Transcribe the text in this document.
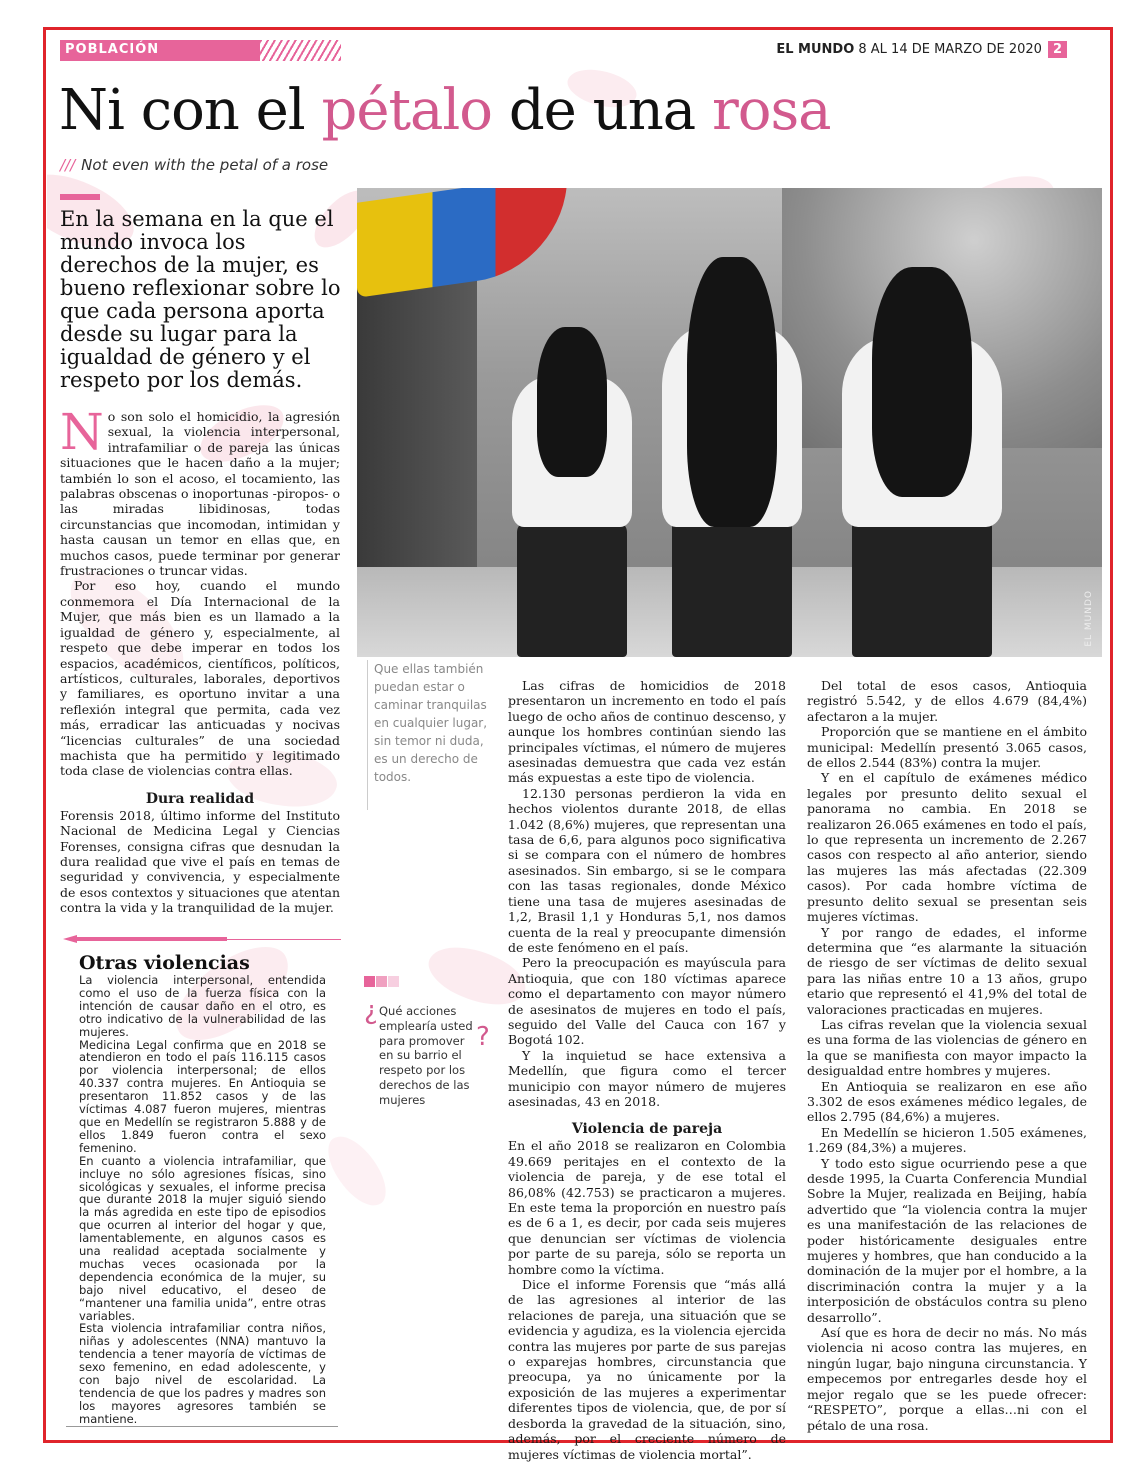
POBLACIÓN	EL MUNDO 8 AL 14 DE MARZO DE 2020 2
Ni con el pétalo de una rosa
/// Not even with the petal of a rose
En la semana en la que el mundo invoca los derechos de la mujer, es bueno reflexionar sobre lo que cada persona aporta desde su lugar para la igualdad de género y el respeto por los demás.
EL MUNDO
Que ellas también puedan estar o caminar tranquilas en cualquier lugar, sin temor ni duda, es un derecho de todos.

No son solo el homicidio, la agresión sexual, la violencia interpersonal, intrafamiliar o de pareja las únicas situaciones que le hacen daño a la mujer; también lo son el acoso, el tocamiento, las palabras obscenas o inoportunas -piropos- o las miradas libidinosas, todas circunstancias que incomodan, intimidan y hasta causan un temor en ellas que, en muchos casos, puede terminar por generar frustraciones o truncar vidas.

Por eso hoy, cuando el mundo conmemora el Día Internacional de la Mujer, que más bien es un llamado a la igualdad de género y, especialmente, al respeto que debe imperar en todos los espacios, académicos, científicos, políticos, artísticos, culturales, laborales, deportivos y familiares, es oportuno invitar a una reflexión integral que permita, cada vez más, erradicar las anticuadas y nocivas “licencias culturales” de una sociedad machista que ha permitido y legitimado toda clase de violencias contra ellas.

Dura realidad

Forensis 2018, último informe del Instituto Nacional de Medicina Legal y Ciencias Forenses, consigna cifras que desnudan la dura realidad que vive el país en temas de seguridad y convivencia, y especialmente de esos contextos y situaciones que atentan contra la vida y la tranquilidad de la mujer.

Otras violencias

La violencia interpersonal, entendida como el uso de la fuerza física con la intención de causar daño en el otro, es otro indicativo de la vulnerabilidad de las mujeres.

Medicina Legal confirma que en 2018 se atendieron en todo el país 116.115 casos por violencia interpersonal; de ellos 40.337 contra mujeres. En Antioquia se presentaron 11.852 casos y de las víctimas 4.087 fueron mujeres, mientras que en Medellín se registraron 5.888 y de ellos 1.849 fueron contra el sexo femenino.

En cuanto a violencia intrafamiliar, que incluye no sólo agresiones físicas, sino sicológicas y sexuales, el informe precisa que durante 2018 la mujer siguió siendo la más agredida en este tipo de episodios que ocurren al interior del hogar y que, lamentablemente, en algunos casos es una realidad aceptada socialmente y muchas veces ocasionada por la dependencia económica de la mujer, su bajo nivel educativo, el deseo de “mantener una familia unida”, entre otras variables.

Esta violencia intrafamiliar contra niños, niñas y adolescentes (NNA) mantuvo la tendencia a tener mayoría de víctimas de sexo femenino, en edad adolescente, y con bajo nivel de escolaridad. La tendencia de que los padres y madres son los mayores agresores también se mantiene.

¿ Qué acciones emplearía usted para promover en su barrio el respeto por los derechos de las mujeres
?

Las cifras de homicidios de 2018 presentaron un incremento en todo el país luego de ocho años de continuo descenso, y aunque los hombres continúan siendo las principales víctimas, el número de mujeres asesinadas demuestra que cada vez están más expuestas a este tipo de violencia.

12.130 personas perdieron la vida en hechos violentos durante 2018, de ellas 1.042 (8,6%) mujeres, que representan una tasa de 6,6, para algunos poco significativa si se compara con el número de hombres asesinados. Sin embargo, si se le compara con las tasas regionales, donde México tiene una tasa de mujeres asesinadas de 1,2, Brasil 1,1 y Honduras 5,1, nos damos cuenta de la real y preocupante dimensión de este fenómeno en el país.

Pero la preocupación es mayúscula para Antioquia, que con 180 víctimas aparece como el departamento con mayor número de asesinatos de mujeres en todo el país, seguido del Valle del Cauca con 167 y Bogotá 102.

Y la inquietud se hace extensiva a Medellín, que figura como el tercer municipio con mayor número de mujeres asesinadas, 43 en 2018.

Violencia de pareja

En el año 2018 se realizaron en Colombia 49.669 peritajes en el contexto de la violencia de pareja, y de ese total el 86,08% (42.753) se practicaron a mujeres. En este tema la proporción en nuestro país es de 6 a 1, es decir, por cada seis mujeres que denuncian ser víctimas de violencia por parte de su pareja, sólo se reporta un hombre como la víctima.

Dice el informe Forensis que “más allá de las agresiones al interior de las relaciones de pareja, una situación que se evidencia y agudiza, es la violencia ejercida contra las mujeres por parte de sus parejas o exparejas hombres, circunstancia que preocupa, ya no únicamente por la exposición de las mujeres a experimentar diferentes tipos de violencia, que, de por sí desborda la gravedad de la situación, sino, además, por el creciente número de mujeres víctimas de violencia mortal”.

Del total de esos casos, Antioquia registró 5.542, y de ellos 4.679 (84,4%) afectaron a la mujer.

Proporción que se mantiene en el ámbito municipal: Medellín presentó 3.065 casos, de ellos 2.544 (83%) contra la mujer.

Y en el capítulo de exámenes médico legales por presunto delito sexual el panorama no cambia. En 2018 se realizaron 26.065 exámenes en todo el país, lo que representa un incremento de 2.267 casos con respecto al año anterior, siendo las mujeres las más afectadas (22.309 casos). Por cada hombre víctima de presunto delito sexual se presentan seis mujeres víctimas.

Y por rango de edades, el informe determina que “es alarmante la situación de riesgo de ser víctimas de delito sexual para las niñas entre 10 a 13 años, grupo etario que representó el 41,9% del total de valoraciones practicadas en mujeres.

Las cifras revelan que la violencia sexual es una forma de las violencias de género en la que se manifiesta con mayor impacto la desigualdad entre hombres y mujeres.

En Antioquia se realizaron en ese año 3.302 de esos exámenes médico legales, de ellos 2.795 (84,6%) a mujeres.

En Medellín se hicieron 1.505 exámenes, 1.269 (84,3%) a mujeres.

Y todo esto sigue ocurriendo pese a que desde 1995, la Cuarta Conferencia Mundial Sobre la Mujer, realizada en Beijing, había advertido que “la violencia contra la mujer es una manifestación de las relaciones de poder históricamente desiguales entre mujeres y hombres, que han conducido a la dominación de la mujer por el hombre, a la discriminación contra la mujer y a la interposición de obstáculos contra su pleno desarrollo”.

Así que es hora de decir no más. No más violencia ni acoso contra las mujeres, en ningún lugar, bajo ninguna circunstancia. Y empecemos por entregarles desde hoy el mejor regalo que se les puede ofrecer: “RESPETO”, porque a ellas…ni con el pétalo de una rosa.
